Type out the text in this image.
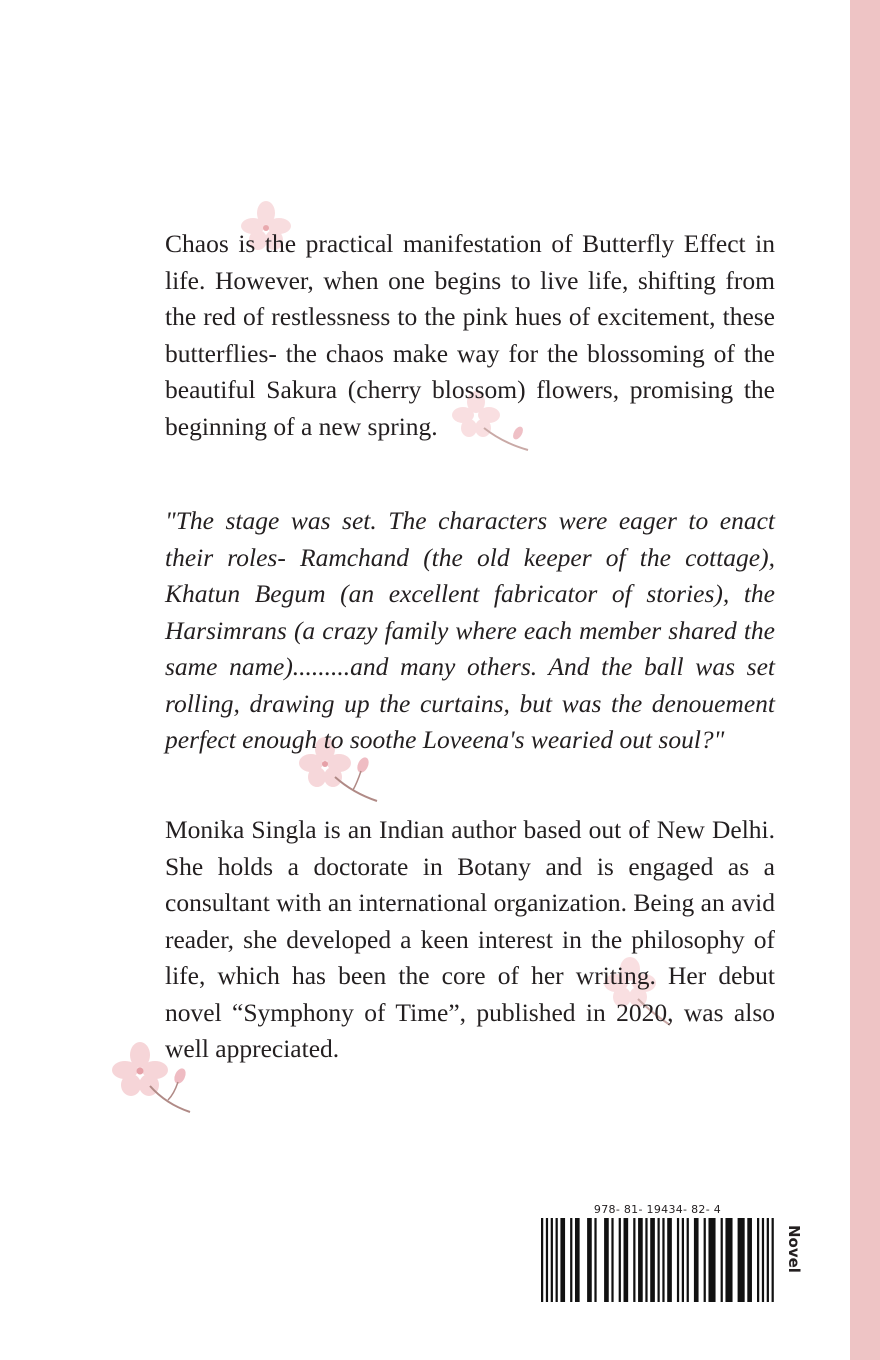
Chaos is the practical manifestation of Butterfly Effect in life. However, when one begins to live life, shifting from the red of restlessness to the pink hues of excitement, these butterflies- the chaos make way for the blossoming of the beautiful Sakura (cherry blossom) flowers, promising the beginning of a new spring.

"The stage was set. The characters were eager to enact their roles- Ramchand (the old keeper of the cottage), Khatun Begum (an excellent fabricator of stories), the Harsimrans (a crazy family where each member shared the same name).........and many others. And the ball was set rolling, drawing up the curtains, but was the denouement perfect enough to soothe Loveena's wearied out soul?"

Monika Singla is an Indian author based out of New Delhi. She holds a doctorate in Botany and is engaged as a consultant with an international organization. Being an avid reader, she developed a keen interest in the philosophy of life, which has been the core of her writing. Her debut novel “Symphony of Time”, published in 2020, was also well appreciated.

978- 81- 19434- 82- 4
Novel
